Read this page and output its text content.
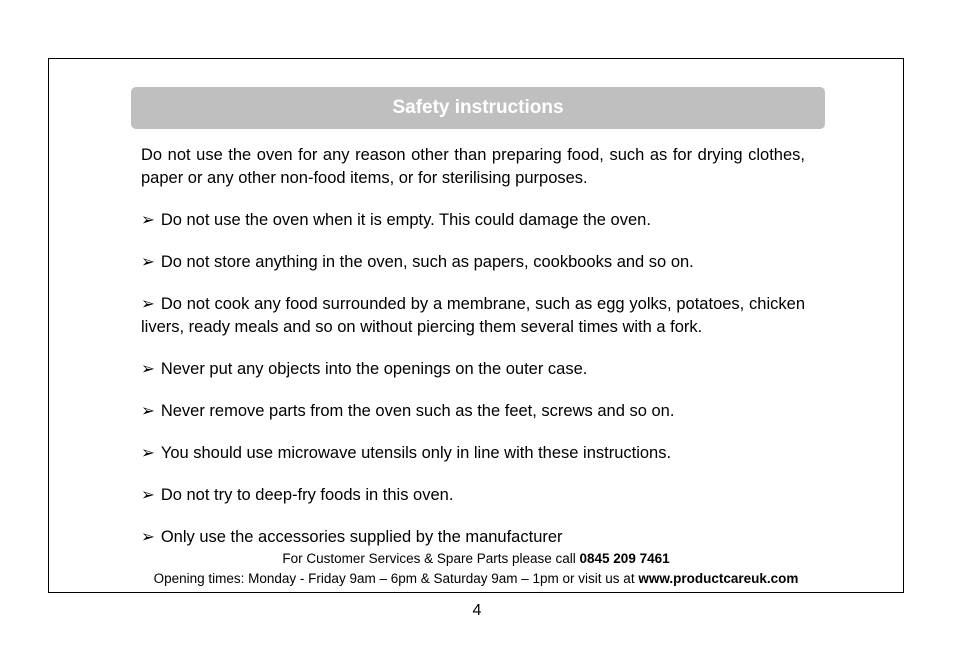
Safety instructions

Do not use the oven for any reason other than preparing food, such as for drying clothes, paper or any other non-food items, or for sterilising purposes.

➢ Do not use the oven when it is empty. This could damage the oven.

➢ Do not store anything in the oven, such as papers, cookbooks and so on.

➢ Do not cook any food surrounded by a membrane, such as egg yolks, potatoes, chicken livers, ready meals and so on without piercing them several times with a fork.

➢ Never put any objects into the openings on the outer case.

➢ Never remove parts from the oven such as the feet, screws and so on.

➢ You should use microwave utensils only in line with these instructions.

➢ Do not try to deep-fry foods in this oven.

➢ Only use the accessories supplied by the manufacturer

For Customer Services & Spare Parts please call 0845 209 7461
Opening times: Monday - Friday 9am – 6pm & Saturday 9am – 1pm or visit us at www.productcareuk.com
4
